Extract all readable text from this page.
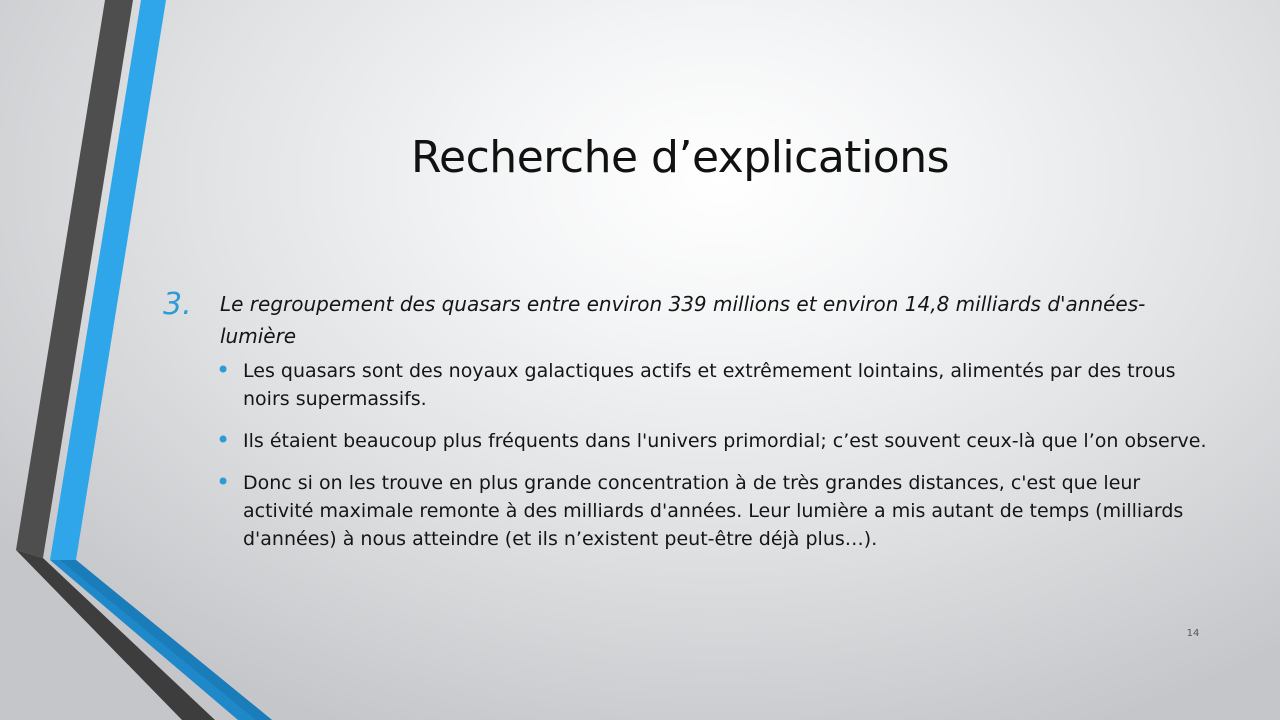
Recherche d’explications
3. Le regroupement des quasars entre environ 339 millions et environ 14,8 milliards d'années-lumière
• Les quasars sont des noyaux galactiques actifs et extrêmement lointains, alimentés par des trous noirs supermassifs.
• Ils étaient beaucoup plus fréquents dans l'univers primordial; c’est souvent ceux-là que l’on observe.
• Donc si on les trouve en plus grande concentration à de très grandes distances, c'est que leur activité maximale remonte à des milliards d'années. Leur lumière a mis autant de temps (milliards d'années) à nous atteindre (et ils n’existent peut-être déjà plus…).
14
